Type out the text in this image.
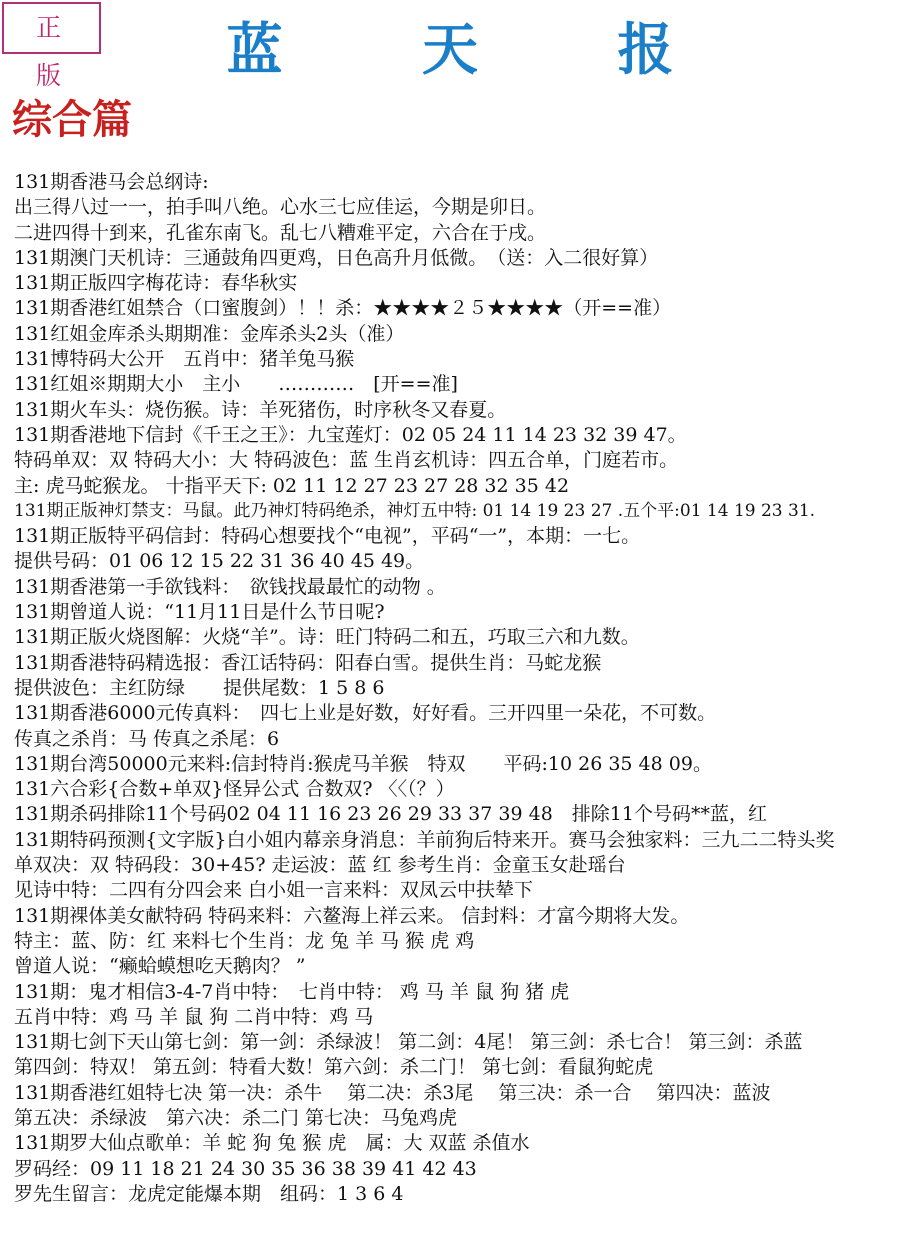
正 版	蓝 天 报
综合篇
131期香港马会总纲诗:
出三得八过一一，拍手叫八绝。心水三七应佳运，今期是卯日。
二进四得十到来，孔雀东南飞。乱七八糟难平定，六合在于戌。
131期澳门天机诗：三通鼓角四更鸡，日色高升月低微。　（送：入二很好算）
131期正版四字梅花诗：春华秋实
131期香港红姐禁合（口蜜腹剑）！！杀：★★★★２５★★★★（开==准）
131红姐金库杀头期期准：金库杀头2头（准）
131博特码大公开　五肖中：猪羊兔马猴
131红姐※期期大小　主小　　…………　[开==准]
131期火车头：烧伤猴。诗：羊死猪伤，时序秋冬又春夏。
131期香港地下信封《千王之王》：九宝莲灯：02 05 24 11 14 23 32 39 47。
特码单双：双 特码大小：大 特码波色：蓝 生肖玄机诗：四五合单，门庭若市。
主: 虎马蛇猴龙。 十指平天下: 02 11 12 27 23 27 28 32 35 42
131期正版神灯禁支：马鼠。此乃神灯特码绝杀，神灯五中特: 01 14 19 23 27 .五个平:01 14 19 23 31.
131期正版特平码信封：特码心想要找个“电视”，平码“一”，本期：一七。
提供号码：01 06 12 15 22 31 36 40 45 49。
131期香港第一手欲钱料：　欲钱找最最忙的动物 。
131期曾道人说：“11月11日是什么节日呢?
131期正版火烧图解：火烧“羊”。诗：旺门特码二和五，巧取三六和九数。
131期香港特码精选报：香江话特码：阳春白雪。提供生肖：马蛇龙猴
提供波色：主红防绿　　提供尾数：1 5 8 6
131期香港6000元传真料：　四七上业是好数，好好看。三开四里一朵花，不可数。
传真之杀肖：马 传真之杀尾：6
131期台湾50000元来料:信封特肖:猴虎马羊猴　特双　　平码:10 26 35 48 09。
131六合彩{合数+单双}怪异公式 合数双? 〈〈（？）
131期杀码排除11个号码02 04 11 16 23 26 29 33 37 39 48　排除11个号码**蓝，红
131期特码预测{文字版}白小姐内幕亲身消息：羊前狗后特来开。赛马会独家料：三九二二特头奖
单双决：双 特码段：30+45? 走运波：蓝 红 参考生肖：金童玉女赴瑶台
见诗中特：二四有分四会来 白小姐一言来料：双凤云中扶辇下
131期裸体美女献特码 特码来料：六鳌海上祥云来。 信封料：才富今期将大发。
特主：蓝、防：红 来料七个生肖：龙 兔 羊 马 猴 虎 鸡
曾道人说：“癞蛤蟆想吃天鹅肉？ ”
131期：鬼才相信3-4-7肖中特：　七肖中特： 鸡 马 羊 鼠 狗 猪 虎
五肖中特：鸡 马 羊 鼠 狗 二肖中特：鸡 马
131期七剑下天山第七剑：第一剑：杀绿波！ 第二剑：4尾！ 第三剑：杀七合！ 第三剑：杀蓝
第四剑：特双！ 第五剑：特看大数！第六剑：杀二门！ 第七剑：看鼠狗蛇虎
131期香港红姐特七决 第一决：杀牛　 第二决：杀3尾　 第三决：杀一合　 第四决：蓝波
第五决：杀绿波　第六决：杀二门 第七决：马兔鸡虎
131期罗大仙点歌单：羊 蛇 狗 兔 猴 虎　属：大 双蓝 杀值水
罗码经：09 11 18 21 24 30 35 36 38 39 41 42 43
罗先生留言：龙虎定能爆本期　组码：1 3 6 4
